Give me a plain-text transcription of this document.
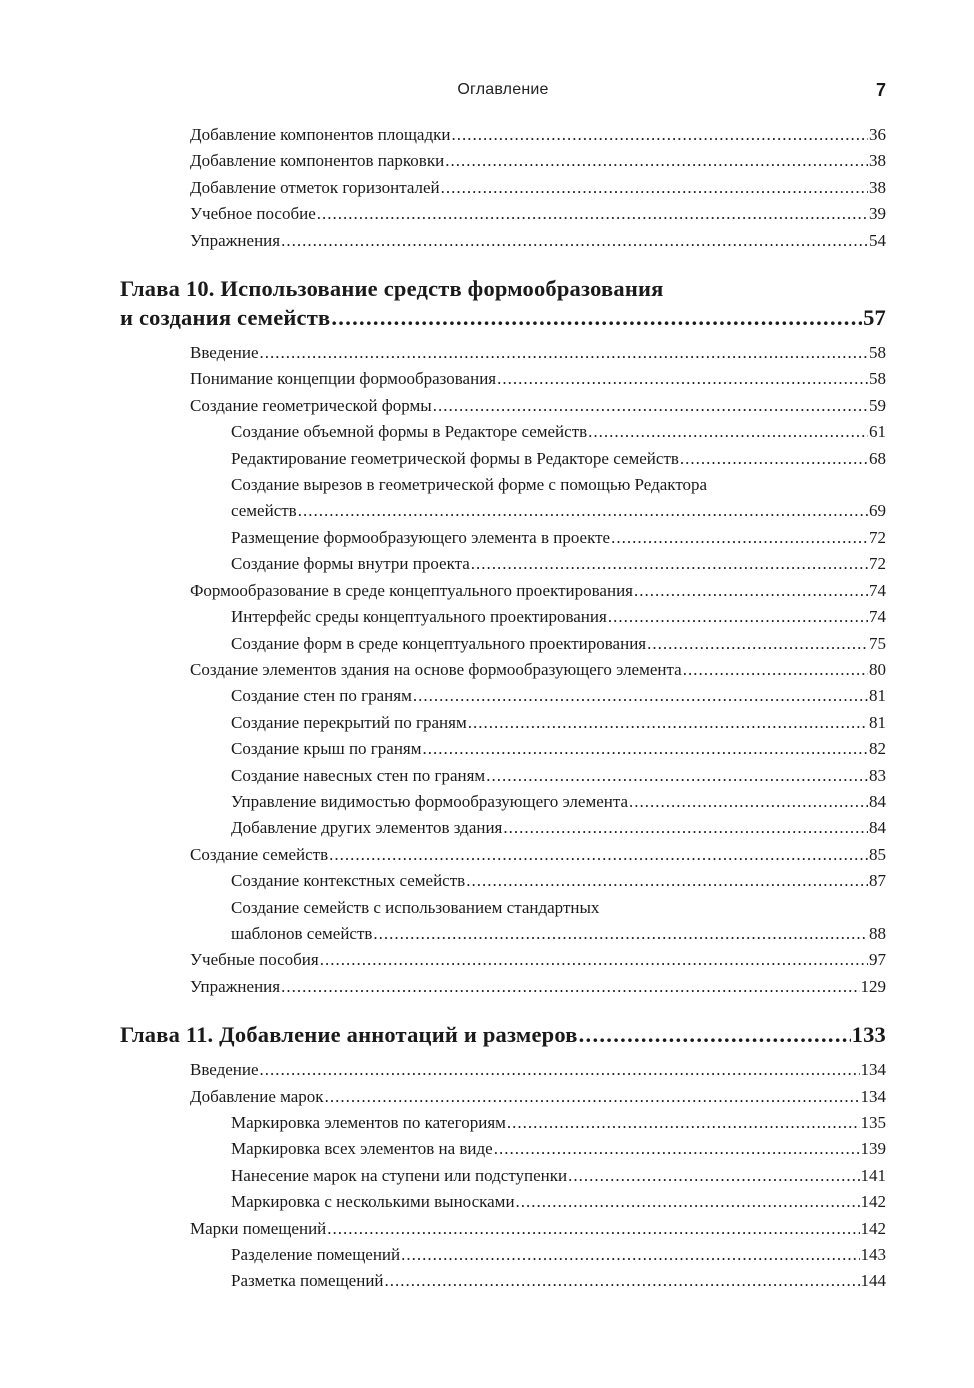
Оглавление	7
Добавление компонентов площадки .....	36
Добавление компонентов парковки .....	38
Добавление отметок горизонталей .....	38
Учебное пособие .....	39
Упражнения .....	54
Глава 10. Использование средств формообразования
и создания семейств .....	57
Введение .....	58
Понимание концепции формообразования .....	58
Создание геометрической формы .....	59
Создание объемной формы в Редакторе семейств .....	61
Редактирование геометрической формы в Редакторе семейств .....	68
Создание вырезов в геометрической форме с помощью Редактора
семейств .....	69
Размещение формообразующего элемента в проекте .....	72
Создание формы внутри проекта .....	72
Формообразование в среде концептуального проектирования .....	74
Интерфейс среды концептуального проектирования .....	74
Создание форм в среде концептуального проектирования .....	75
Создание элементов здания на основе формообразующего элемента .....	80
Создание стен по граням .....	81
Создание перекрытий по граням .....	81
Создание крыш по граням .....	82
Создание навесных стен по граням .....	83
Управление видимостью формообразующего элемента .....	84
Добавление других элементов здания .....	84
Создание семейств .....	85
Создание контекстных семейств .....	87
Создание семейств с использованием стандартных
шаблонов семейств .....	88
Учебные пособия .....	97
Упражнения .....	129
Глава 11. Добавление аннотаций и размеров .....	133
Введение .....	134
Добавление марок .....	134
Маркировка элементов по категориям .....	135
Маркировка всех элементов на виде .....	139
Нанесение марок на ступени или подступенки .....	141
Маркировка с несколькими выносками .....	142
Марки помещений .....	142
Разделение помещений .....	143
Разметка помещений .....	144
